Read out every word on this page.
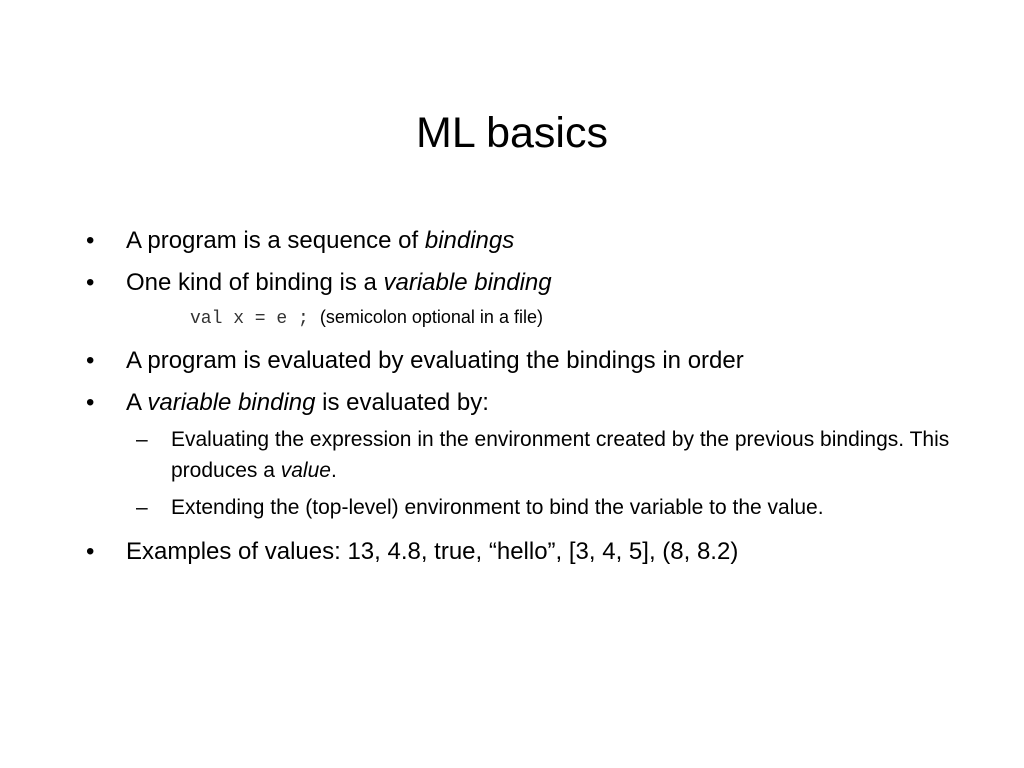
ML basics
• A program is a sequence of bindings
• One kind of binding is a variable binding
val x = e ; (semicolon optional in a file)
• A program is evaluated by evaluating the bindings in order
• A variable binding is evaluated by:
– Evaluating the expression in the environment created by the previous bindings. This produces a value.
– Extending the (top-level) environment to bind the variable to the value.
• Examples of values: 13, 4.8, true, “hello”, [3, 4, 5], (8, 8.2)
